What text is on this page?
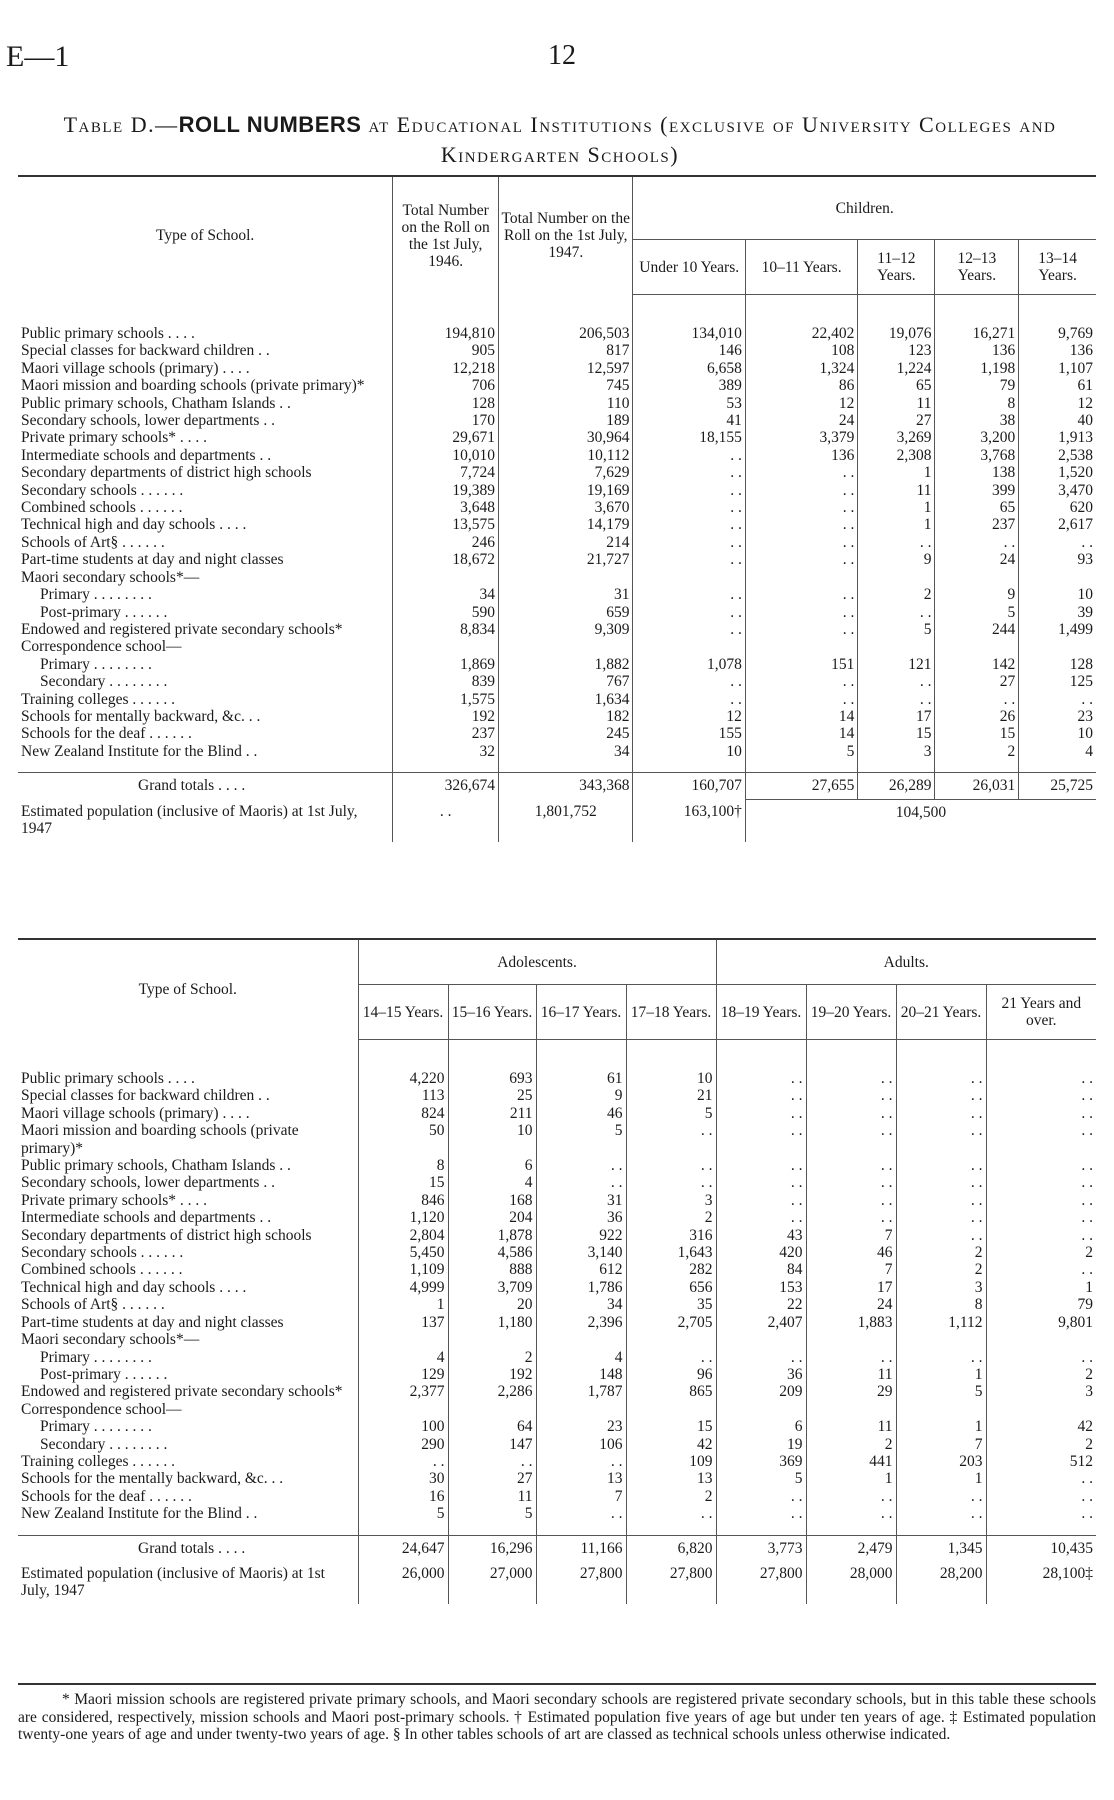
E—1	12
Table D.—ROLL NUMBERS at Educational Institutions (exclusive of University Colleges and Kindergarten Schools)
Type of School.	Total Number on the Roll on the 1st July, 1946.	Total Number on the Roll on the 1st July, 1947.	Children.				
			Under 10 Years.	10–11 Years.	11–12 Years.	12–13 Years.	13–14 Years.

Public primary schools . . . .	194,810	206,503	134,010	22,402	19,076	16,271	9,769
Special classes for backward children . .	905	817	146	108	123	136	136
Maori village schools (primary) . . . .	12,218	12,597	6,658	1,324	1,224	1,198	1,107
Maori mission and boarding schools (private primary)*	706	745	389	86	65	79	61
Public primary schools, Chatham Islands . .	128	110	53	12	11	8	12
Secondary schools, lower departments . .	170	189	41	24	27	38	40
Private primary schools* . . . .	29,671	30,964	18,155	3,379	3,269	3,200	1,913
Intermediate schools and departments . .	10,010	10,112	. .	136	2,308	3,768	2,538
Secondary departments of district high schools	7,724	7,629	. .	. .	1	138	1,520
Secondary schools . . . . . .	19,389	19,169	. .	. .	11	399	3,470
Combined schools . . . . . .	3,648	3,670	. .	. .	1	65	620
Technical high and day schools . . . .	13,575	14,179	. .	. .	1	237	2,617
Schools of Art§ . . . . . .	246	214	. .	. .	. .	. .	. .
Part-time students at day and night classes	18,672	21,727	. .	. .	9	24	93
Maori secondary schools*—							
Primary . . . . . . . .	34	31	. .	. .	2	9	10
Post-primary . . . . . .	590	659	. .	. .	. .	5	39
Endowed and registered private secondary schools*	8,834	9,309	. .	. .	5	244	1,499
Correspondence school—							
Primary . . . . . . . .	1,869	1,882	1,078	151	121	142	128
Secondary . . . . . . . .	839	767	. .	. .	. .	27	125
Training colleges . . . . . .	1,575	1,634	. .	. .	. .	. .	. .
Schools for mentally backward, &c. . .	192	182	12	14	17	26	23
Schools for the deaf . . . . . .	237	245	155	14	15	15	10
New Zealand Institute for the Blind . .	32	34	10	5	3	2	4

Grand totals . . . .	326,674	343,368	160,707	27,655	26,289	26,031	25,725
Estimated population (inclusive of Maoris) at 1st July, 1947	. .	1,801,752	163,100†	104,500			
Type of School.	Adolescents.				Adults.			
	14–15 Years.	15–16 Years.	16–17 Years.	17–18 Years.	18–19 Years.	19–20 Years.	20–21 Years.	21 Years and over.

Public primary schools . . . .	4,220	693	61	10	. .	. .	. .	. .
Special classes for backward children . .	113	25	9	21	. .	. .	. .	. .
Maori village schools (primary) . . . .	824	211	46	5	. .	. .	. .	. .
Maori mission and boarding schools (private primary)*	50	10	5	. .	. .	. .	. .	. .
Public primary schools, Chatham Islands . .	8	6	. .	. .	. .	. .	. .	. .
Secondary schools, lower departments . .	15	4	. .	. .	. .	. .	. .	. .
Private primary schools* . . . .	846	168	31	3	. .	. .	. .	. .
Intermediate schools and departments . .	1,120	204	36	2	. .	. .	. .	. .
Secondary departments of district high schools	2,804	1,878	922	316	43	7	. .	. .
Secondary schools . . . . . .	5,450	4,586	3,140	1,643	420	46	2	2
Combined schools . . . . . .	1,109	888	612	282	84	7	2	. .
Technical high and day schools . . . .	4,999	3,709	1,786	656	153	17	3	1
Schools of Art§ . . . . . .	1	20	34	35	22	24	8	79
Part-time students at day and night classes	137	1,180	2,396	2,705	2,407	1,883	1,112	9,801
Maori secondary schools*—								
Primary . . . . . . . .	4	2	4	. .	. .	. .	. .	. .
Post-primary . . . . . .	129	192	148	96	36	11	1	2
Endowed and registered private secondary schools*	2,377	2,286	1,787	865	209	29	5	3
Correspondence school—								
Primary . . . . . . . .	100	64	23	15	6	11	1	42
Secondary . . . . . . . .	290	147	106	42	19	2	7	2
Training colleges . . . . . .	. .	. .	. .	109	369	441	203	512
Schools for the mentally backward, &c. . .	30	27	13	13	5	1	1	. .
Schools for the deaf . . . . . .	16	11	7	2	. .	. .	. .	. .
New Zealand Institute for the Blind . .	5	5	. .	. .	. .	. .	. .	. .

Grand totals . . . .	24,647	16,296	11,166	6,820	3,773	2,479	1,345	10,435
Estimated population (inclusive of Maoris) at 1st July, 1947	26,000	27,000	27,800	27,800	27,800	28,000	28,200	28,100‡

* Maori mission schools are registered private primary schools, and Maori secondary schools are registered private secondary schools, but in this table these schools are considered, respectively, mission schools and Maori post-primary schools. † Estimated population five years of age but under ten years of age. ‡ Estimated population twenty-one years of age and under twenty-two years of age. § In other tables schools of art are classed as technical schools unless otherwise indicated.
